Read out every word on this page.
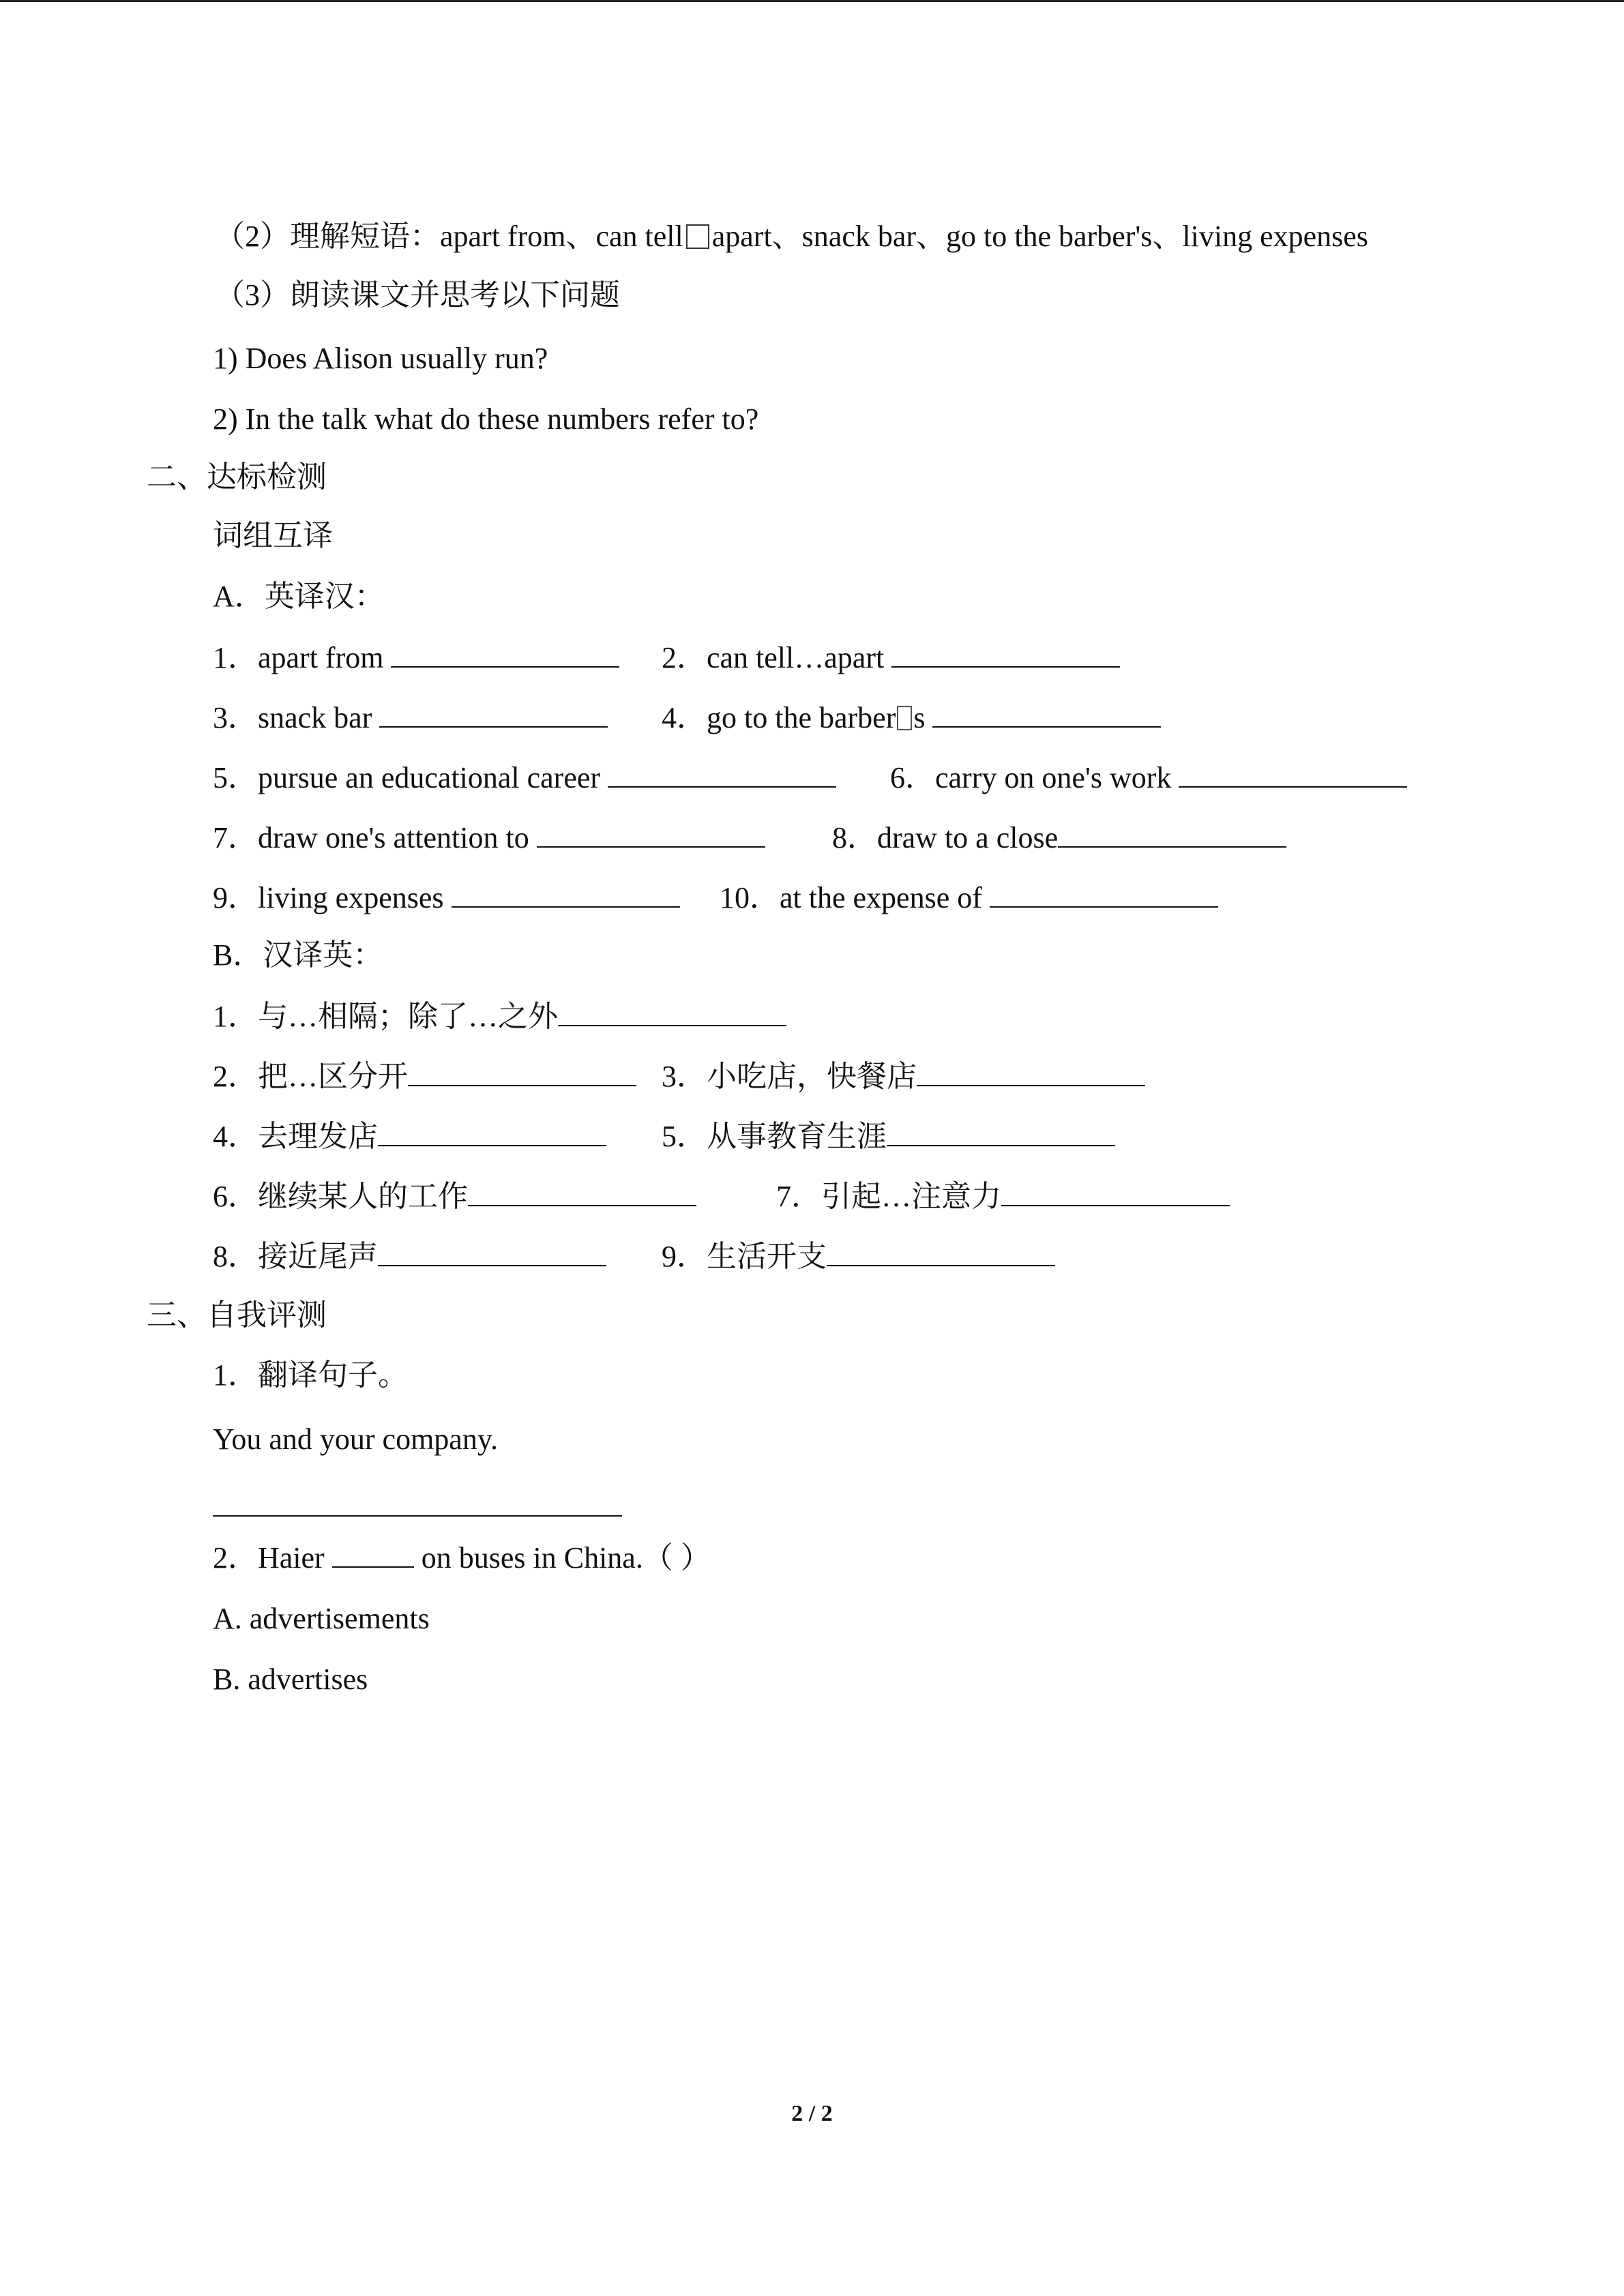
（2）理解短语：apart from、can tell apart、snack bar、go to the barber's、living expenses
（3）朗读课文并思考以下问题
1) Does Alison usually run?
2) In the talk what do these numbers refer to?
二、达标检测
词组互译
A．英译汉：
1．apart from	2．can tell…apart
3．snack bar	4．go to the barber s
5．pursue an educational career	6．carry on one's work
7．draw one's attention to	8．draw to a close
9．living expenses	10．at the expense of
B．汉译英：
1．与…相隔；除了…之外
2．把…区分开	3．小吃店，快餐店
4．去理发店	5．从事教育生涯
6．继续某人的工作	7．引起…注意力
8．接近尾声	9．生活开支
三、自我评测
1．翻译句子。
You and your company.
2．Haier	on buses in China.（ ）
A. advertisements
B. advertises
2 / 2
